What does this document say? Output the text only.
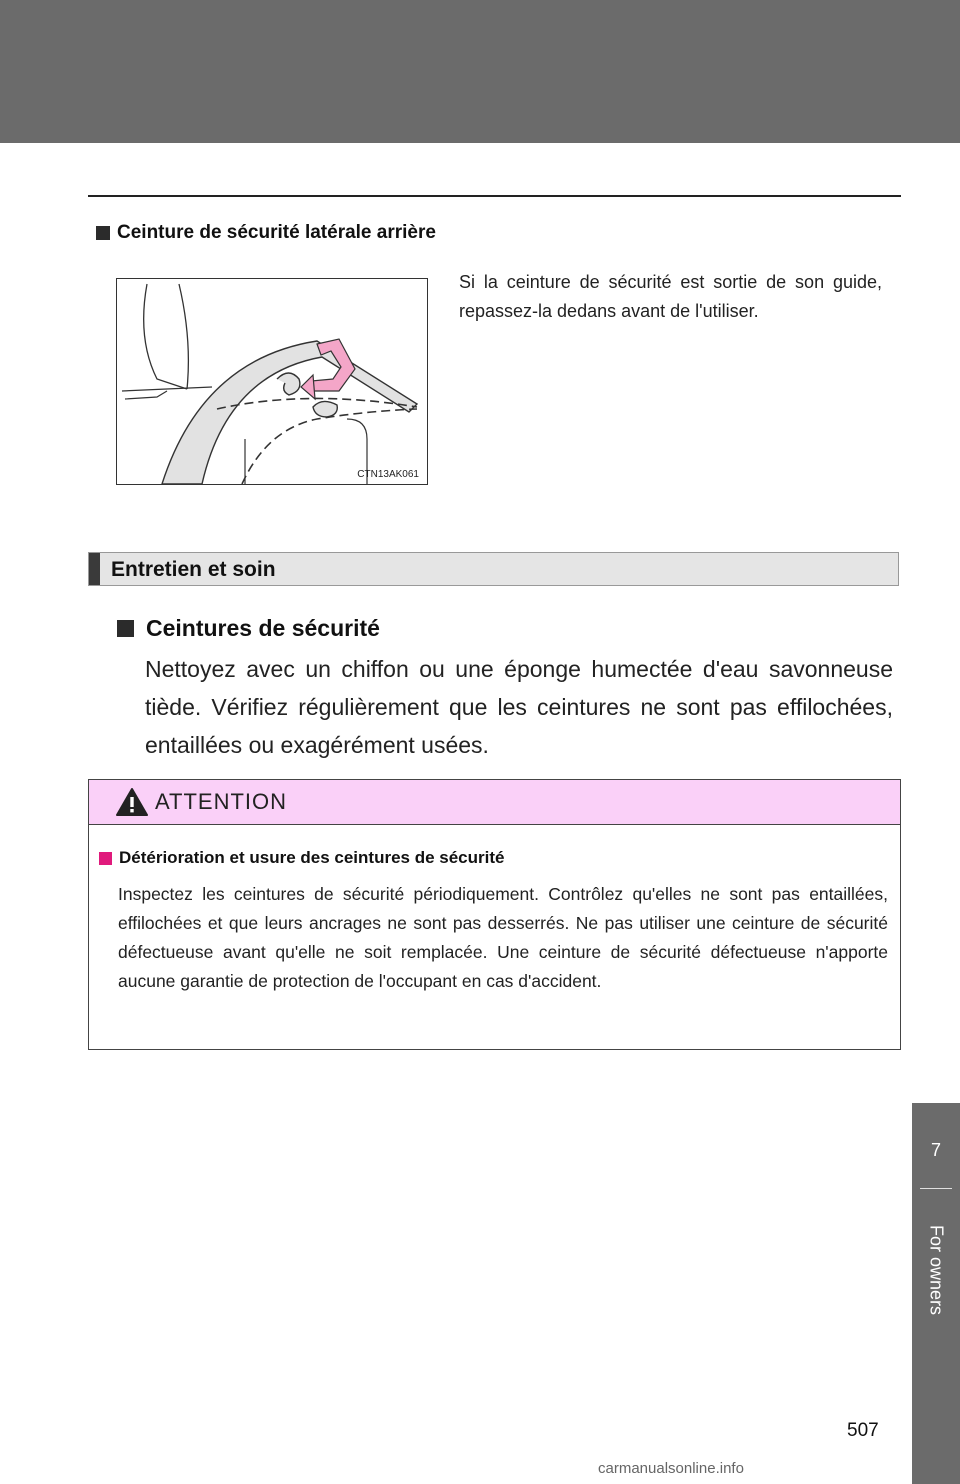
Ceinture de sécurité latérale arrière
CTN13AK061
Si la ceinture de sécurité est sortie de son guide, repassez-la dedans avant de l'utiliser.
Entretien et soin
Ceintures de sécurité
Nettoyez avec un chiffon ou une éponge humectée d'eau savonneuse tiède. Vérifiez régulièrement que les ceintures ne sont pas effilochées, entaillées ou exagérément usées.
ATTENTION
Détérioration et usure des ceintures de sécurité
Inspectez les ceintures de sécurité périodiquement. Contrôlez qu'elles ne sont pas entaillées, effilochées et que leurs ancrages ne sont pas desserrés. Ne pas utiliser une ceinture de sécurité défectueuse avant qu'elle ne soit remplacée. Une ceinture de sécurité défectueuse n'apporte aucune garantie de protection de l'occupant en cas d'accident.
7
For owners
507
carmanualsonline.info
